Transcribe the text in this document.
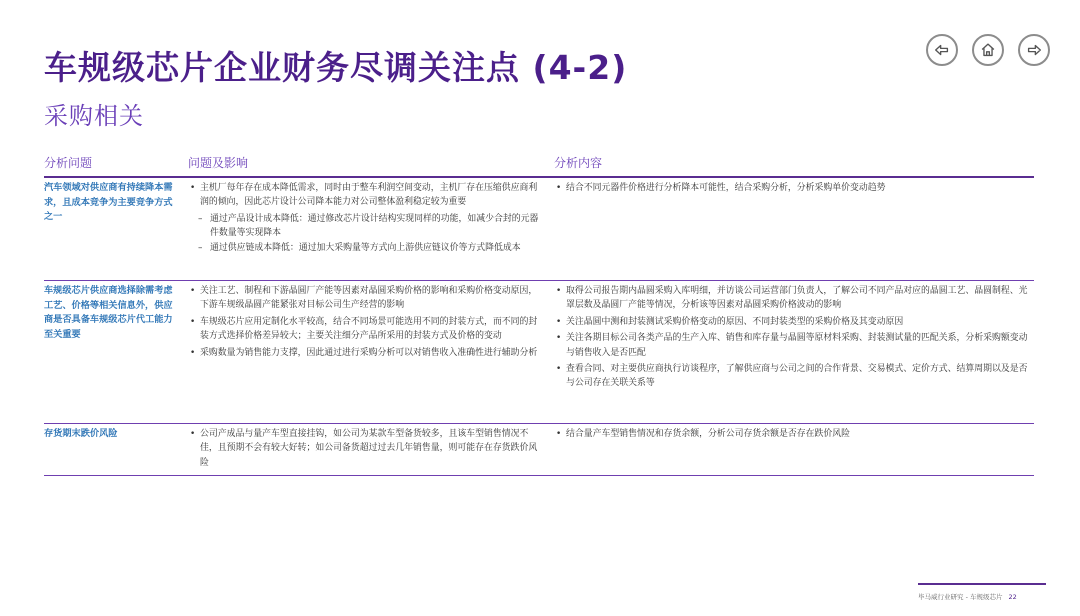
车规级芯片企业财务尽调关注点 (4-2)
采购相关
分析问题	问题及影响	分析内容
汽车领域对供应商有持续降本需求，且成本竞争为主要竞争方式之一
• 主机厂每年存在成本降低需求，同时由于整车利润空间变动，主机厂存在压缩供应商利润的倾向，因此芯片设计公司降本能力对公司整体盈利稳定较为重要
– 通过产品设计成本降低：通过修改芯片设计结构实现同样的功能，如减少合封的元器件数量等实现降本
– 通过供应链成本降低：通过加大采购量等方式向上游供应链议价等方式降低成本
• 结合不同元器件价格进行分析降本可能性，结合采购分析，分析采购单价变动趋势
车规级芯片供应商选择除需考虑工艺、价格等相关信息外，供应商是否具备车规级芯片代工能力至关重要
• 关注工艺、制程和下游晶圆厂产能等因素对晶圆采购价格的影响和采购价格变动原因，下游车规级晶圆产能紧张对目标公司生产经营的影响
• 车规级芯片应用定制化水平较高，结合不同场景可能选用不同的封装方式，而不同的封装方式选择价格差异较大；主要关注细分产品所采用的封装方式及价格的变动
• 采购数量为销售能力支撑，因此通过进行采购分析可以对销售收入准确性进行辅助分析
• 取得公司报告期内晶圆采购入库明细，并访谈公司运营部门负责人，了解公司不同产品对应的晶圆工艺、晶圆制程、光罩层数及晶圆厂产能等情况，分析该等因素对晶圆采购价格波动的影响
• 关注晶圆中测和封装测试采购价格变动的原因、不同封装类型的采购价格及其变动原因
• 关注各期目标公司各类产品的生产入库、销售和库存量与晶圆等原材料采购、封装测试量的匹配关系，分析采购额变动与销售收入是否匹配
• 查看合同、对主要供应商执行访谈程序，了解供应商与公司之间的合作背景、交易模式、定价方式、结算周期以及是否与公司存在关联关系等
存货期末跌价风险
•	公司产成品与量产车型直接挂钩，如公司为某款车型备货较多，且该车型销售情况不佳，且预期不会有较大好转；如公司备货超过过去几年销售量，则可能存在存货跌价风险
• 结合量产车型销售情况和存货余额，分析公司存货余额是否存在跌价风险
毕马威行业研究 - 车规级芯片 22
